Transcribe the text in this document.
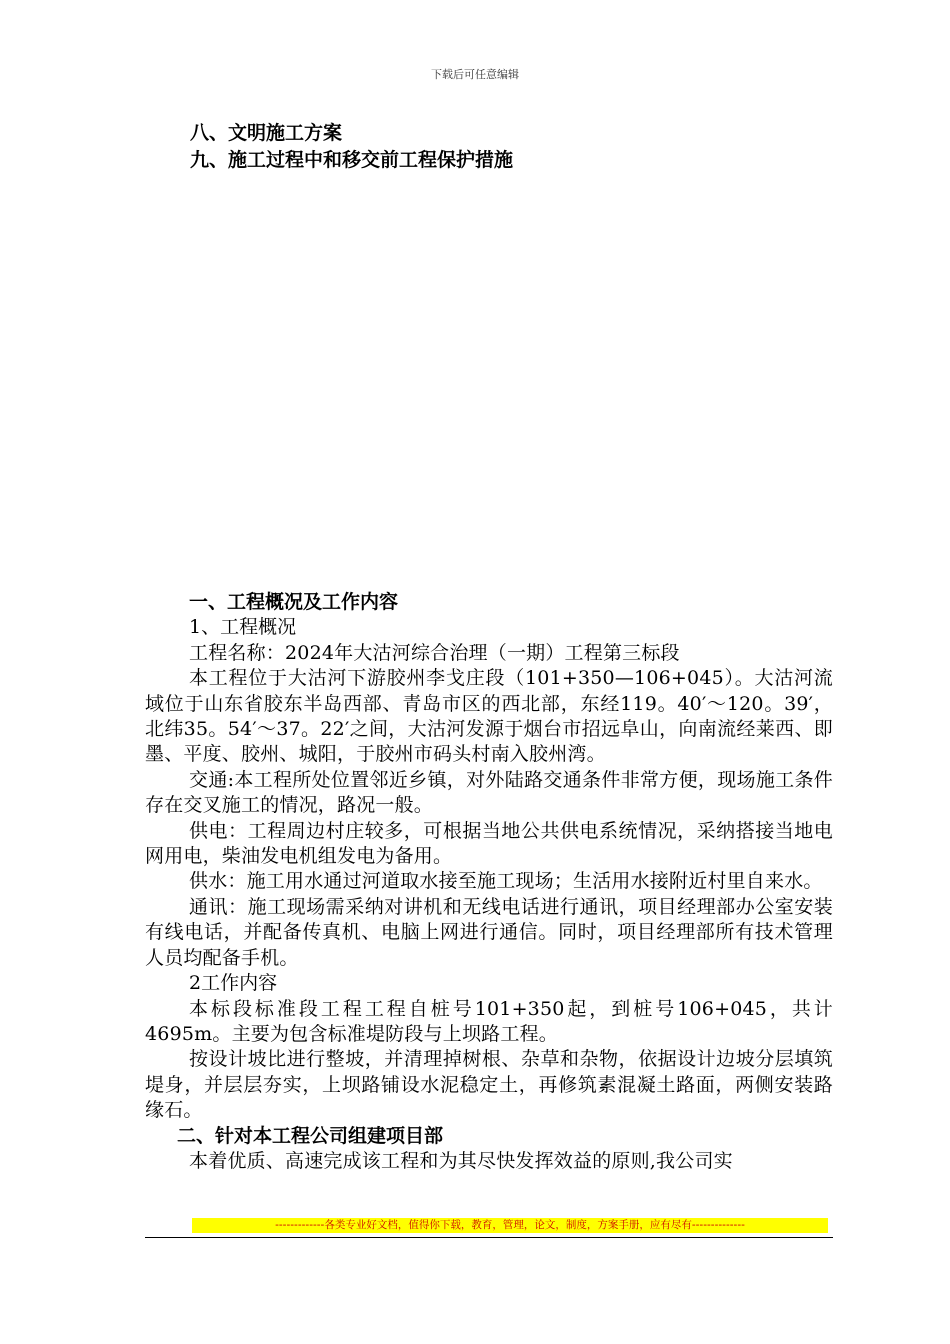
下载后可任意编辑
八、文明施工方案
九、施工过程中和移交前工程保护措施
一、工程概况及工作内容
1、工程概况
工程名称：2024年大沽河综合治理（一期）工程第三标段
本工程位于大沽河下游胶州李戈庄段（101+350—106+045）。大沽河流域位于山东省胶东半岛西部、青岛市区的西北部，东经119。40′～120。39′，北纬35。54′～37。22′之间，大沽河发源于烟台市招远阜山，向南流经莱西、即墨、平度、胶州、城阳，于胶州市码头村南入胶州湾。
交通:本工程所处位置邻近乡镇，对外陆路交通条件非常方便，现场施工条件存在交叉施工的情况，路况一般。
供电：工程周边村庄较多，可根据当地公共供电系统情况，采纳搭接当地电网用电，柴油发电机组发电为备用。
供水：施工用水通过河道取水接至施工现场；生活用水接附近村里自来水。
通讯：施工现场需采纳对讲机和无线电话进行通讯，项目经理部办公室安装有线电话，并配备传真机、电脑上网进行通信。同时，项目经理部所有技术管理人员均配备手机。
2工作内容
本标段标准段工程工程自桩号101+350起，到桩号106+045，共计4695m。主要为包含标准堤防段与上坝路工程。
按设计坡比进行整坡，并清理掉树根、杂草和杂物，依据设计边坡分层填筑堤身，并层层夯实，上坝路铺设水泥稳定土，再修筑素混凝土路面，两侧安装路缘石。
二、针对本工程公司组建项目部
本着优质、高速完成该工程和为其尽快发挥效益的原则,我公司实
-------------各类专业好文档，值得你下载，教育，管理，论文，制度，方案手册，应有尽有--------------
